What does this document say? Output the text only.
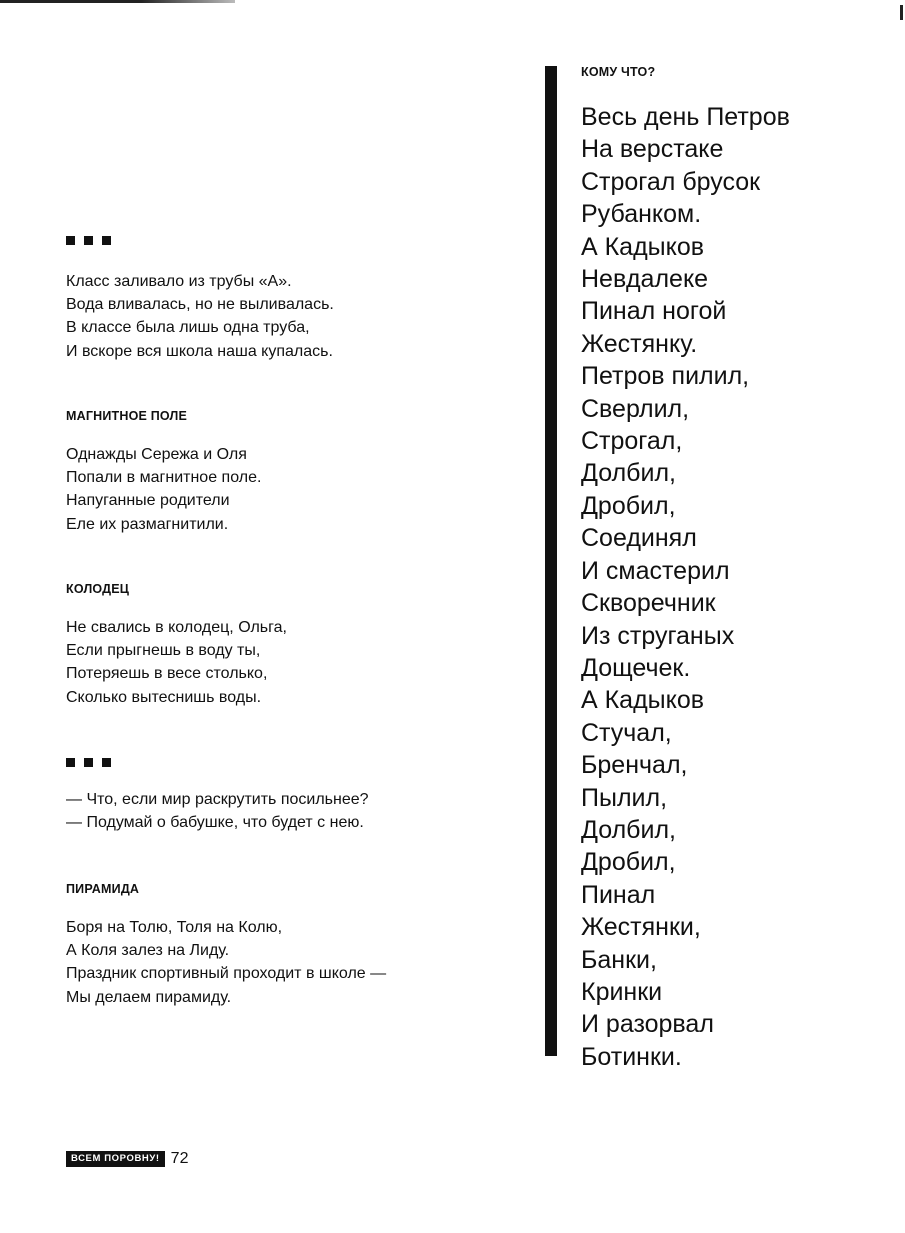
Класс заливало из трубы «А».
Вода вливалась, но не выливалась.
В классе была лишь одна труба,
И вскоре вся школа наша купалась.
МАГНИТНОЕ ПОЛЕ
Однажды Сережа и Оля
Попали в магнитное поле.
Напуганные родители
Еле их размагнитили.
КОЛОДЕЦ
Не свались в колодец, Ольга,
Если прыгнешь в воду ты,
Потеряешь в весе столько,
Сколько вытеснишь воды.
— Что, если мир раскрутить посильнее?
— Подумай о бабушке, что будет с нею.
ПИРАМИДА
Боря на Толю, Толя на Колю,
А Коля залез на Лиду.
Праздник спортивный проходит в школе —
Мы делаем пирамиду.
КОМУ ЧТО?
Весь день Петров
На верстаке
Строгал брусок
Рубанком.
А Кадыков
Невдалеке
Пинал ногой
Жестянку.
Петров пилил,
Сверлил,
Строгал,
Долбил,
Дробил,
Соединял
И смастерил
Скворечник
Из струганых
Дощечек.
А Кадыков
Стучал,
Бренчал,
Пылил,
Долбил,
Дробил,
Пинал
Жестянки,
Банки,
Кринки
И разорвал
Ботинки.
ВСЕМ ПОРОВНУ! 72
